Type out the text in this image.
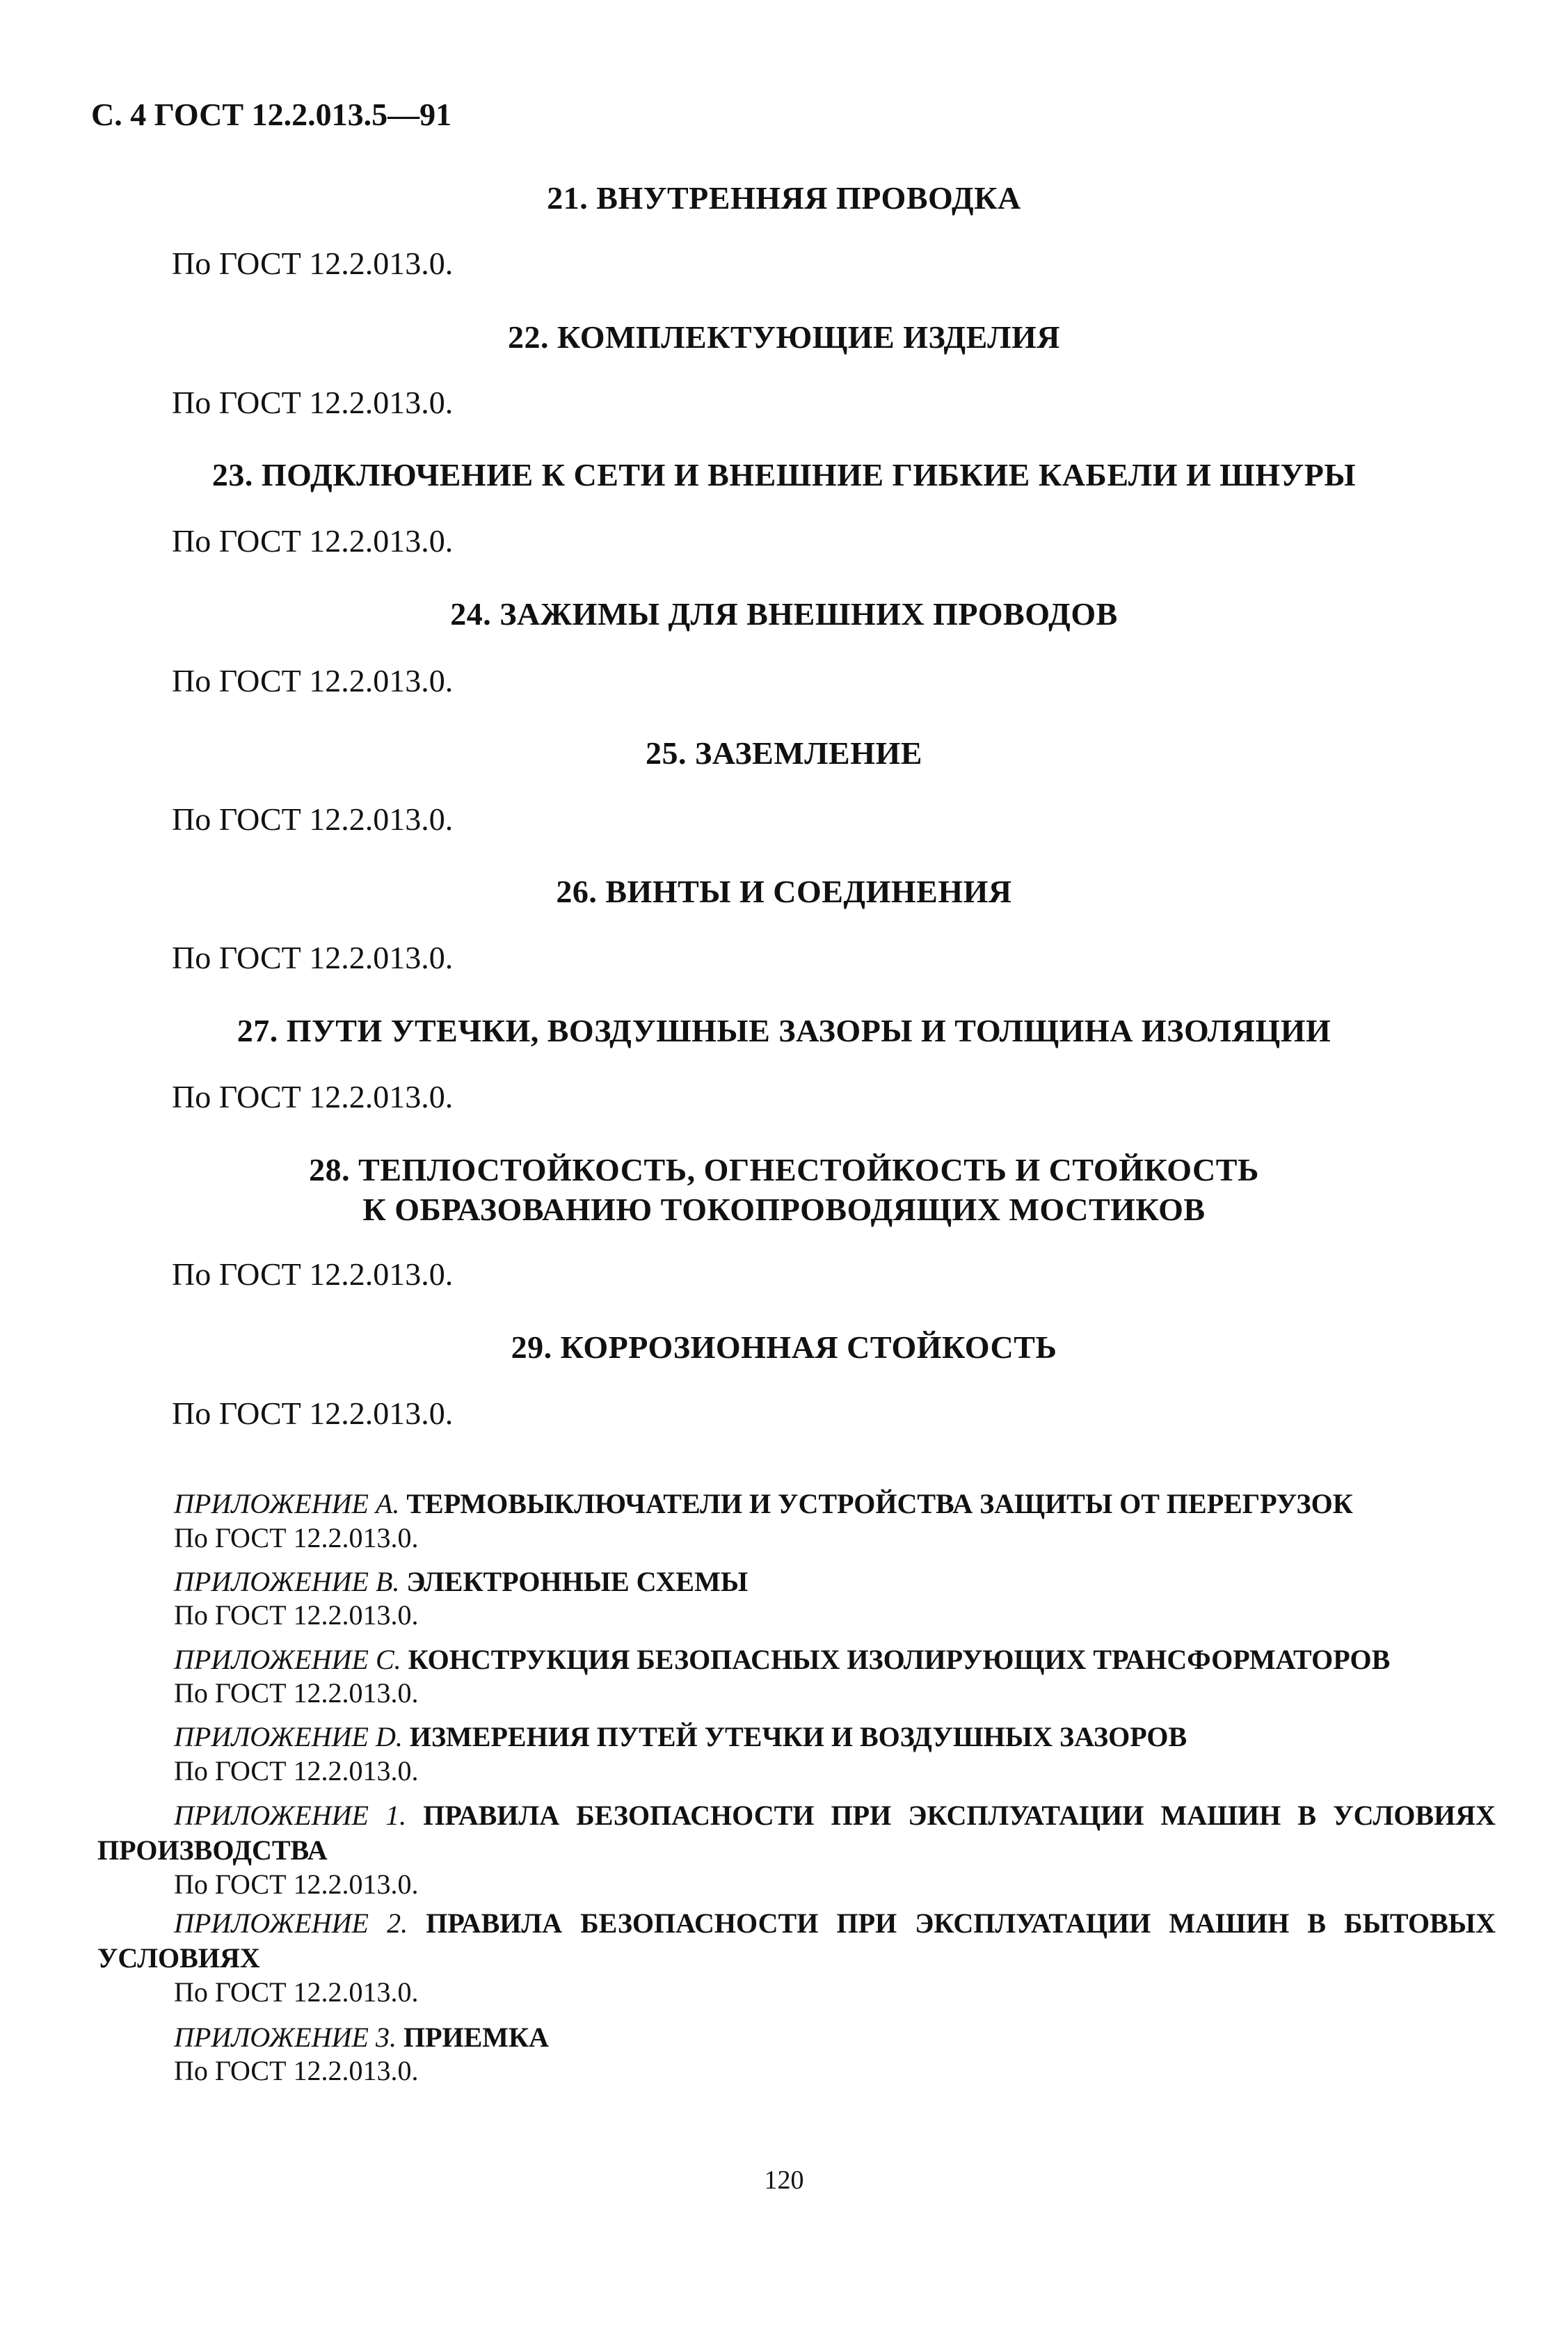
С. 4 ГОСТ 12.2.013.5—91
21. ВНУТРЕННЯЯ ПРОВОДКА
По ГОСТ 12.2.013.0.
22. КОМПЛЕКТУЮЩИЕ ИЗДЕЛИЯ
По ГОСТ 12.2.013.0.
23. ПОДКЛЮЧЕНИЕ К СЕТИ И ВНЕШНИЕ ГИБКИЕ КАБЕЛИ И ШНУРЫ
По ГОСТ 12.2.013.0.
24. ЗАЖИМЫ ДЛЯ ВНЕШНИХ ПРОВОДОВ
По ГОСТ 12.2.013.0.
25. ЗАЗЕМЛЕНИЕ
По ГОСТ 12.2.013.0.
26. ВИНТЫ И СОЕДИНЕНИЯ
По ГОСТ 12.2.013.0.
27. ПУТИ УТЕЧКИ, ВОЗДУШНЫЕ ЗАЗОРЫ И ТОЛЩИНА ИЗОЛЯЦИИ
По ГОСТ 12.2.013.0.
28. ТЕПЛОСТОЙКОСТЬ, ОГНЕСТОЙКОСТЬ И СТОЙКОСТЬ
К ОБРАЗОВАНИЮ ТОКОПРОВОДЯЩИХ МОСТИКОВ
По ГОСТ 12.2.013.0.
29. КОРРОЗИОННАЯ СТОЙКОСТЬ
По ГОСТ 12.2.013.0.
ПРИЛОЖЕНИЕ А. ТЕРМОВЫКЛЮЧАТЕЛИ И УСТРОЙСТВА ЗАЩИТЫ ОТ ПЕРЕГРУЗОК
По ГОСТ 12.2.013.0.
ПРИЛОЖЕНИЕ В. ЭЛЕКТРОННЫЕ СХЕМЫ
По ГОСТ 12.2.013.0.
ПРИЛОЖЕНИЕ С. КОНСТРУКЦИЯ БЕЗОПАСНЫХ ИЗОЛИРУЮЩИХ ТРАНСФОРМАТОРОВ
По ГОСТ 12.2.013.0.
ПРИЛОЖЕНИЕ D. ИЗМЕРЕНИЯ ПУТЕЙ УТЕЧКИ И ВОЗДУШНЫХ ЗАЗОРОВ
По ГОСТ 12.2.013.0.
ПРИЛОЖЕНИЕ 1. ПРАВИЛА БЕЗОПАСНОСТИ ПРИ ЭКСПЛУАТАЦИИ МАШИН В УСЛОВИЯХ ПРОИЗВОДСТВА
По ГОСТ 12.2.013.0.
ПРИЛОЖЕНИЕ 2. ПРАВИЛА БЕЗОПАСНОСТИ ПРИ ЭКСПЛУАТАЦИИ МАШИН В БЫТОВЫХ УСЛОВИЯХ
По ГОСТ 12.2.013.0.
ПРИЛОЖЕНИЕ 3. ПРИЕМКА
По ГОСТ 12.2.013.0.
120
